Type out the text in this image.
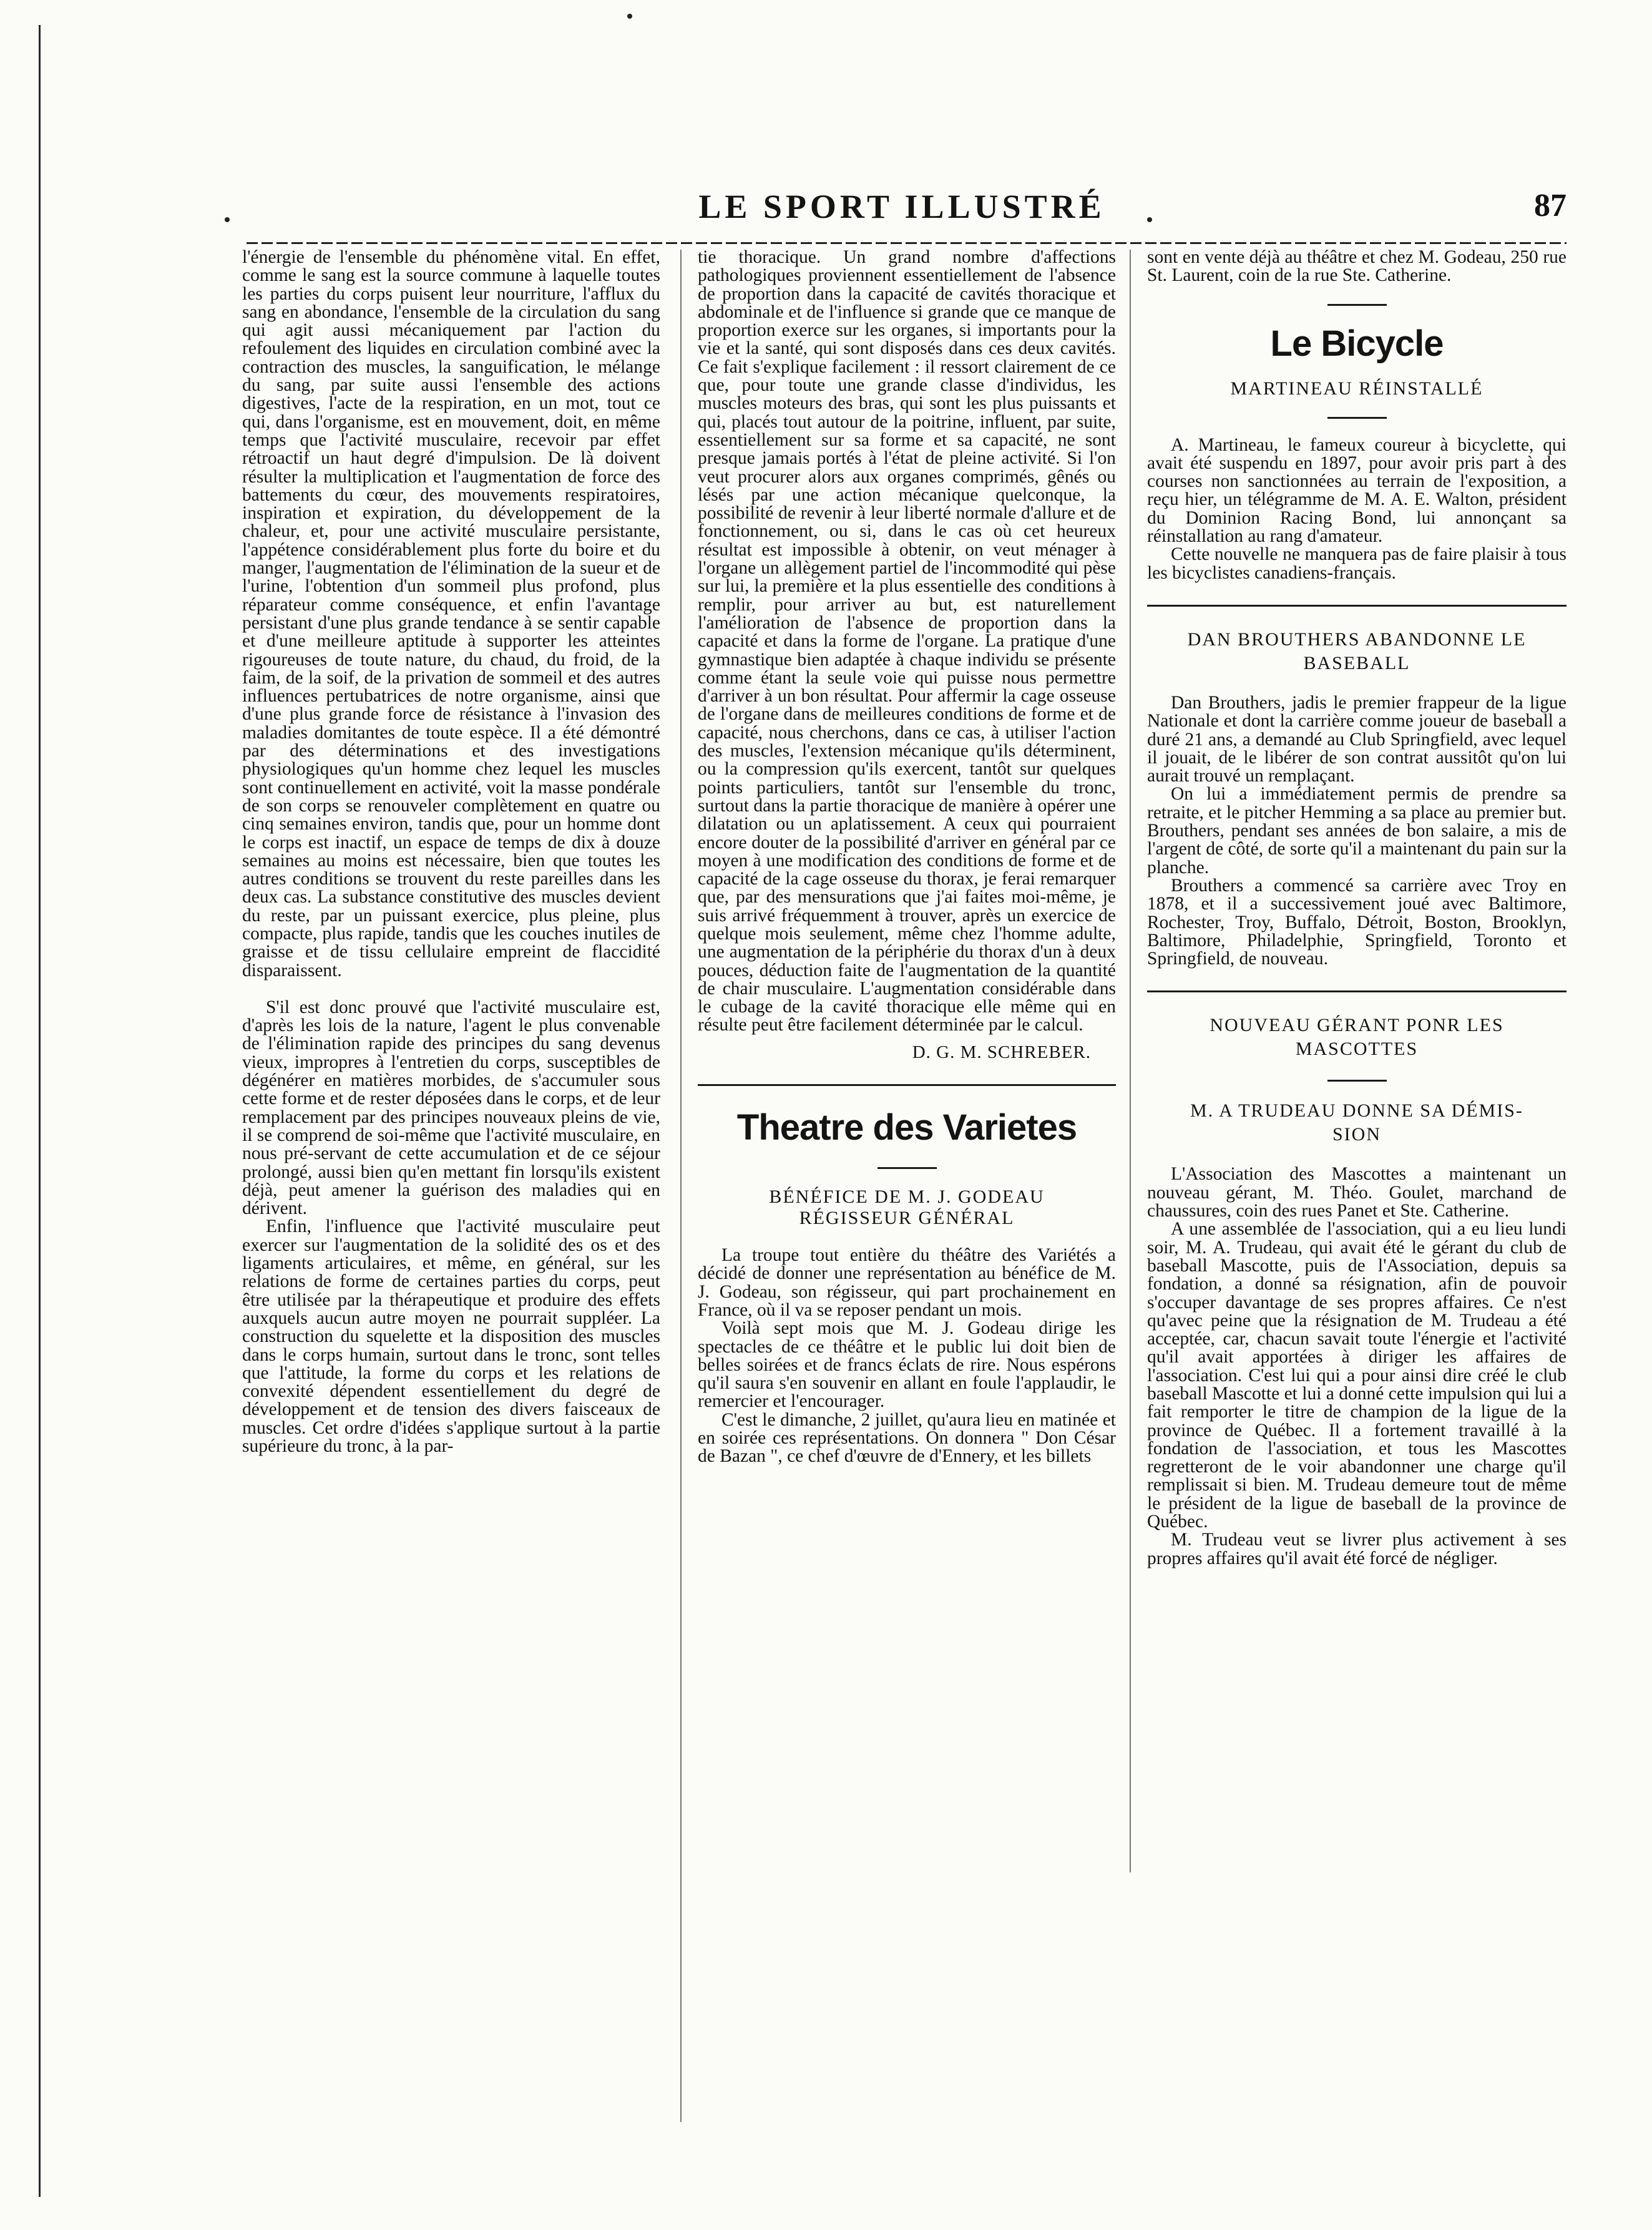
LE SPORT ILLUSTRÉ	87

l'énergie de l'ensemble du phénomène vital. En effet, comme le sang est la source commune à laquelle toutes les parties du corps puisent leur nourriture, l'afflux du sang en abondance, l'ensemble de la circulation du sang qui agit aussi mécaniquement par l'action du refoulement des liquides en circulation combiné avec la contraction des muscles, la sanguification, le mélange du sang, par suite aussi l'ensemble des actions digestives, l'acte de la respiration, en un mot, tout ce qui, dans l'organisme, est en mouvement, doit, en même temps que l'activité musculaire, recevoir par effet rétroactif un haut degré d'impulsion. De là doivent résulter la multiplication et l'augmentation de force des battements du cœur, des mouvements respiratoires, inspiration et expiration, du développement de la chaleur, et, pour une activité musculaire persistante, l'appétence considérablement plus forte du boire et du manger, l'augmentation de l'élimination de la sueur et de l'urine, l'obtention d'un sommeil plus profond, plus réparateur comme conséquence, et enfin l'avantage persistant d'une plus grande tendance à se sentir capable et d'une meilleure aptitude à supporter les atteintes rigoureuses de toute nature, du chaud, du froid, de la faim, de la soif, de la privation de sommeil et des autres influences pertubatrices de notre organisme, ainsi que d'une plus grande force de résistance à l'invasion des maladies domitantes de toute espèce. Il a été démontré par des déterminations et des investigations physiologiques qu'un homme chez lequel les muscles sont continuellement en activité, voit la masse pondérale de son corps se renouveler complètement en quatre ou cinq semaines environ, tandis que, pour un homme dont le corps est inactif, un espace de temps de dix à douze semaines au moins est nécessaire, bien que toutes les autres conditions se trouvent du reste pareilles dans les deux cas. La substance constitutive des muscles devient du reste, par un puissant exercice, plus pleine, plus compacte, plus rapide, tandis que les couches inutiles de graisse et de tissu cellulaire empreint de flaccidité disparaissent.

S'il est donc prouvé que l'activité musculaire est, d'après les lois de la nature, l'agent le plus convenable de l'élimination rapide des principes du sang devenus vieux, impropres à l'entretien du corps, susceptibles de dégénérer en matières morbides, de s'accumuler sous cette forme et de rester déposées dans le corps, et de leur remplacement par des principes nouveaux pleins de vie, il se comprend de soi-même que l'activité musculaire, en nous pré-servant de cette accumulation et de ce séjour prolongé, aussi bien qu'en mettant fin lorsqu'ils existent déjà, peut amener la guérison des maladies qui en dérivent.

Enfin, l'influence que l'activité musculaire peut exercer sur l'augmentation de la solidité des os et des ligaments articulaires, et même, en général, sur les relations de forme de certaines parties du corps, peut être utilisée par la thérapeutique et produire des effets auxquels aucun autre moyen ne pourrait suppléer. La construction du squelette et la disposition des muscles dans le corps humain, surtout dans le tronc, sont telles que l'attitude, la forme du corps et les relations de convexité dépendent essentiellement du degré de développement et de tension des divers faisceaux de muscles. Cet ordre d'idées s'applique surtout à la partie supérieure du tronc, à la par-

tie thoracique. Un grand nombre d'affections pathologiques proviennent essentiellement de l'absence de proportion dans la capacité de cavités thoracique et abdominale et de l'influence si grande que ce manque de proportion exerce sur les organes, si importants pour la vie et la santé, qui sont disposés dans ces deux cavités. Ce fait s'explique facilement : il ressort clairement de ce que, pour toute une grande classe d'individus, les muscles moteurs des bras, qui sont les plus puissants et qui, placés tout autour de la poitrine, influent, par suite, essentiellement sur sa forme et sa capacité, ne sont presque jamais portés à l'état de pleine activité. Si l'on veut procurer alors aux organes comprimés, gênés ou lésés par une action mécanique quelconque, la possibilité de revenir à leur liberté normale d'allure et de fonctionnement, ou si, dans le cas où cet heureux résultat est impossible à obtenir, on veut ménager à l'organe un allègement partiel de l'incommodité qui pèse sur lui, la première et la plus essentielle des conditions à remplir, pour arriver au but, est naturellement l'amélioration de l'absence de proportion dans la capacité et dans la forme de l'organe. La pratique d'une gymnastique bien adaptée à chaque individu se présente comme étant la seule voie qui puisse nous permettre d'arriver à un bon résultat. Pour affermir la cage osseuse de l'organe dans de meilleures conditions de forme et de capacité, nous cherchons, dans ce cas, à utiliser l'action des muscles, l'extension mécanique qu'ils déterminent, ou la compression qu'ils exercent, tantôt sur quelques points particuliers, tantôt sur l'ensemble du tronc, surtout dans la partie thoracique de manière à opérer une dilatation ou un aplatissement. A ceux qui pourraient encore douter de la possibilité d'arriver en général par ce moyen à une modification des conditions de forme et de capacité de la cage osseuse du thorax, je ferai remarquer que, par des mensurations que j'ai faites moi-même, je suis arrivé fréquemment à trouver, après un exercice de quelque mois seulement, même chez l'homme adulte, une augmentation de la périphérie du thorax d'un à deux pouces, déduction faite de l'augmentation de la quantité de chair musculaire. L'augmentation considérable dans le cubage de la cavité thoracique elle même qui en résulte peut être facilement déterminée par le calcul.

D. G. M. SCHREBER.
Theatre des Varietes
BÉNÉFICE DE M. J. GODEAU
RÉGISSEUR GÉNÉRAL

La troupe tout entière du théâtre des Variétés a décidé de donner une représentation au bénéfice de M. J. Godeau, son régisseur, qui part prochainement en France, où il va se reposer pendant un mois.

Voilà sept mois que M. J. Godeau dirige les spectacles de ce théâtre et le public lui doit bien de belles soirées et de francs éclats de rire. Nous espérons qu'il saura s'en souvenir en allant en foule l'applaudir, le remercier et l'encourager.

C'est le dimanche, 2 juillet, qu'aura lieu en matinée et en soirée ces représentations. On donnera " Don César de Bazan ", ce chef d'œuvre de d'Ennery, et les billets

sont en vente déjà au théâtre et chez M. Godeau, 250 rue St. Laurent, coin de la rue Ste. Catherine.

Le Bicycle
MARTINEAU RÉINSTALLÉ

A. Martineau, le fameux coureur à bicyclette, qui avait été suspendu en 1897, pour avoir pris part à des courses non sanctionnées au terrain de l'exposition, a reçu hier, un télégramme de M. A. E. Walton, président du Dominion Racing Bond, lui annonçant sa réinstallation au rang d'amateur.

Cette nouvelle ne manquera pas de faire plaisir à tous les bicyclistes canadiens-français.

DAN BROUTHERS ABANDONNE LE
BASEBALL

Dan Brouthers, jadis le premier frappeur de la ligue Nationale et dont la carrière comme joueur de baseball a duré 21 ans, a demandé au Club Springfield, avec lequel il jouait, de le libérer de son contrat aussitôt qu'on lui aurait trouvé un remplaçant.

On lui a immédiatement permis de prendre sa retraite, et le pitcher Hemming a sa place au premier but. Brouthers, pendant ses années de bon salaire, a mis de l'argent de côté, de sorte qu'il a maintenant du pain sur la planche.

Brouthers a commencé sa carrière avec Troy en 1878, et il a successivement joué avec Baltimore, Rochester, Troy, Buffalo, Détroit, Boston, Brooklyn, Baltimore, Philadelphie, Springfield, Toronto et Springfield, de nouveau.

NOUVEAU GÉRANT PONR LES
MASCOTTES
M. A TRUDEAU DONNE SA DÉMIS-
SION

L'Association des Mascottes a maintenant un nouveau gérant, M. Théo. Goulet, marchand de chaussures, coin des rues Panet et Ste. Catherine.

A une assemblée de l'association, qui a eu lieu lundi soir, M. A. Trudeau, qui avait été le gérant du club de baseball Mascotte, puis de l'Association, depuis sa fondation, a donné sa résignation, afin de pouvoir s'occuper davantage de ses propres affaires. Ce n'est qu'avec peine que la résignation de M. Trudeau a été acceptée, car, chacun savait toute l'énergie et l'activité qu'il avait apportées à diriger les affaires de l'association. C'est lui qui a pour ainsi dire créé le club baseball Mascotte et lui a donné cette impulsion qui lui a fait remporter le titre de champion de la ligue de la province de Québec. Il a fortement travaillé à la fondation de l'association, et tous les Mascottes regretteront de le voir abandonner une charge qu'il remplissait si bien. M. Trudeau demeure tout de même le président de la ligue de baseball de la province de Québec.

M. Trudeau veut se livrer plus activement à ses propres affaires qu'il avait été forcé de négliger.
